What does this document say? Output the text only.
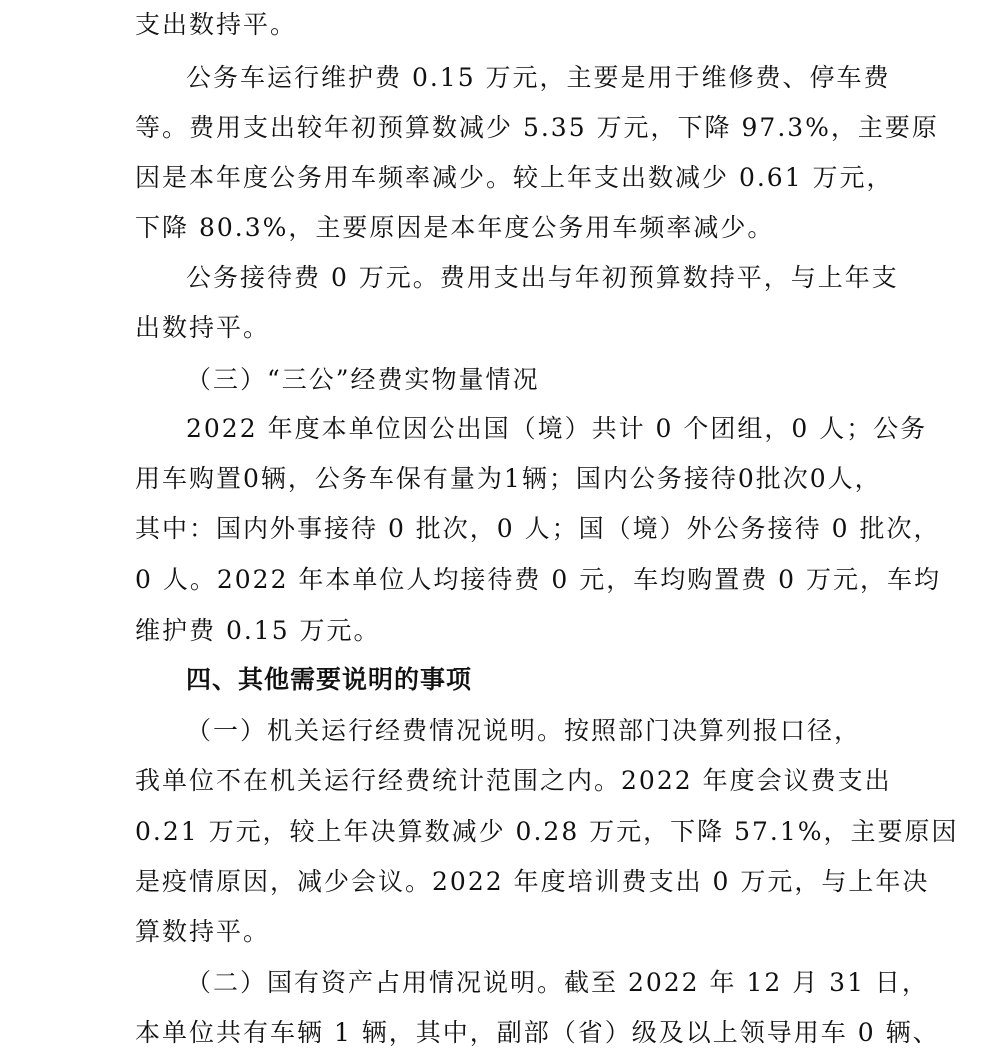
支出数持平。
公务车运行维护费 0.15 万元，主要是用于维修费、停车费
等。费用支出较年初预算数减少 5.35 万元，下降 97.3%，主要原
因是本年度公务用车频率减少。较上年支出数减少 0.61 万元，
下降 80.3%，主要原因是本年度公务用车频率减少。
公务接待费 0 万元。费用支出与年初预算数持平，与上年支
出数持平。
（三）“三公”经费实物量情况
2022 年度本单位因公出国（境）共计 0 个团组，0 人；公务
用车购置0辆，公务车保有量为1辆；国内公务接待0批次0人，
其中：国内外事接待 0 批次，0 人；国（境）外公务接待 0 批次，
0 人。2022 年本单位人均接待费 0 元，车均购置费 0 万元，车均
维护费 0.15 万元。
四、其他需要说明的事项
（一）机关运行经费情况说明。按照部门决算列报口径，
我单位不在机关运行经费统计范围之内。2022 年度会议费支出
0.21 万元，较上年决算数减少 0.28 万元，下降 57.1%，主要原因
是疫情原因，减少会议。2022 年度培训费支出 0 万元，与上年决
算数持平。
（二）国有资产占用情况说明。截至 2022 年 12 月 31 日，
本单位共有车辆 1 辆，其中，副部（省）级及以上领导用车 0 辆、
